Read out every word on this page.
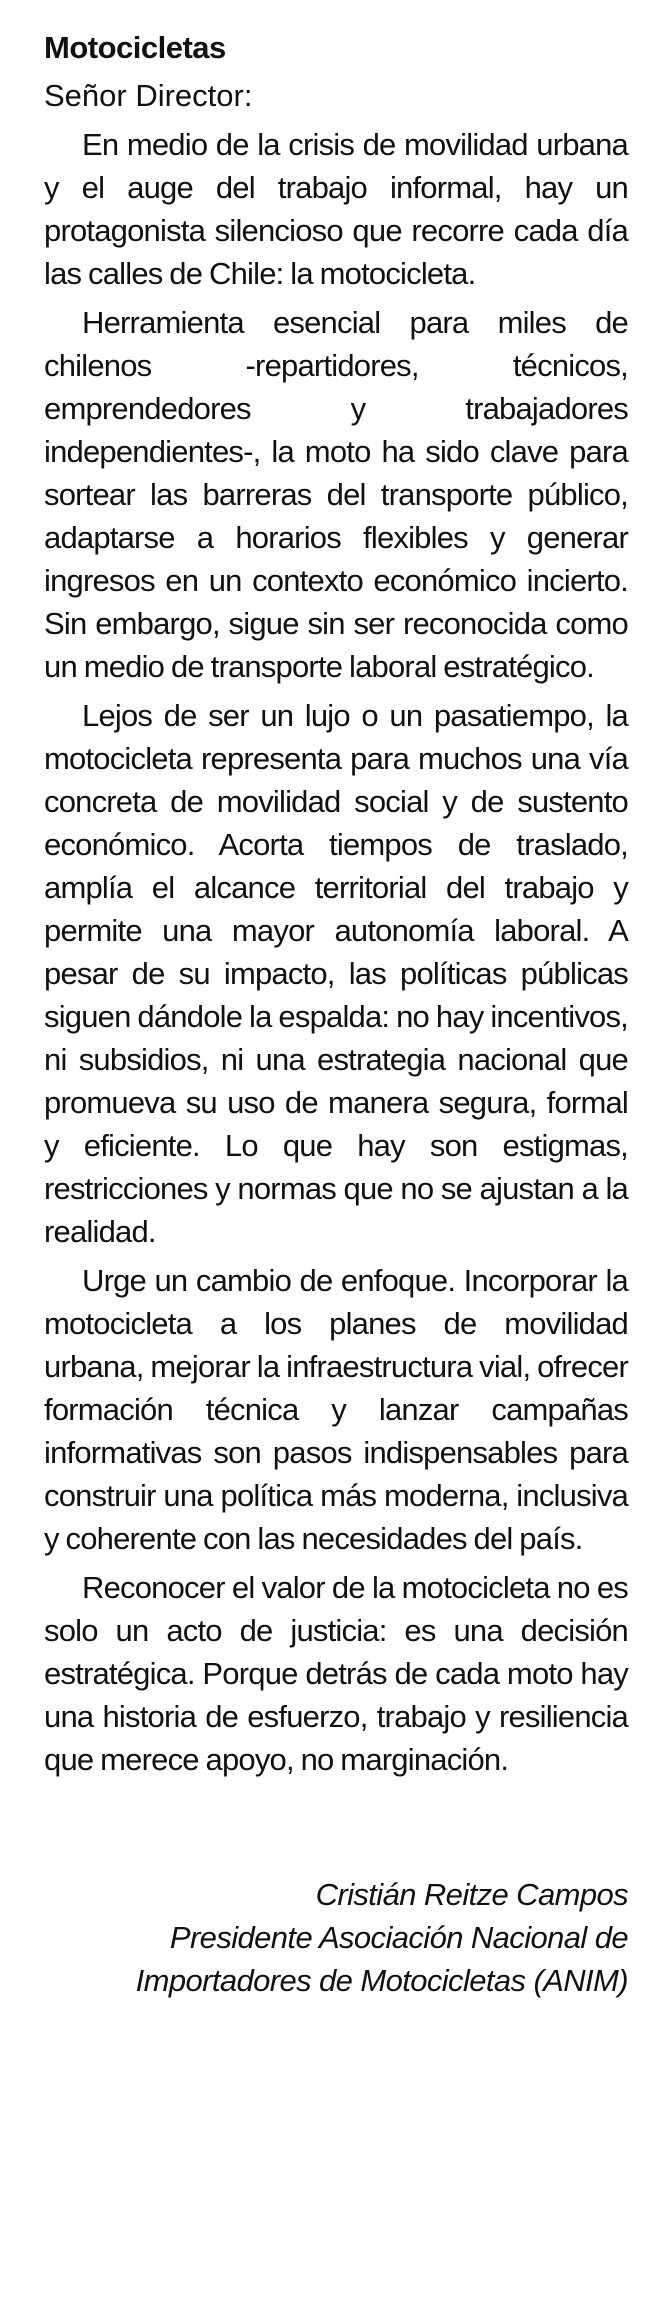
Motocicletas
Señor Director:

En medio de la crisis de movilidad urbana y el auge del trabajo informal, hay un protagonista silencioso que recorre cada día las calles de Chile: la motocicleta.

Herramienta esencial para miles de chilenos -repartidores, técnicos, emprendedores y trabajadores independientes-, la moto ha sido clave para sortear las barreras del transporte público, adaptarse a horarios flexibles y generar ingresos en un contexto económico incierto. Sin embargo, sigue sin ser reconocida como un medio de transporte laboral estratégico.

Lejos de ser un lujo o un pasatiempo, la motocicleta representa para muchos una vía concreta de movilidad social y de sustento económico. Acorta tiempos de traslado, amplía el alcance territorial del trabajo y permite una mayor autonomía laboral. A pesar de su impacto, las políticas públicas siguen dándole la espalda: no hay incentivos, ni subsidios, ni una estrategia nacional que promueva su uso de manera segura, formal y eficiente. Lo que hay son estigmas, restricciones y normas que no se ajustan a la realidad.

Urge un cambio de enfoque. Incorporar la motocicleta a los planes de movilidad urbana, mejorar la infraestructura vial, ofrecer formación técnica y lanzar campañas informativas son pasos indispensables para construir una política más moderna, inclusiva y coherente con las necesidades del país.

Reconocer el valor de la motocicleta no es solo un acto de justicia: es una decisión estratégica. Porque detrás de cada moto hay una historia de esfuerzo, trabajo y resiliencia que merece apoyo, no marginación.

Cristián Reitze Campos
Presidente Asociación Nacional de
Importadores de Motocicletas (ANIM)
